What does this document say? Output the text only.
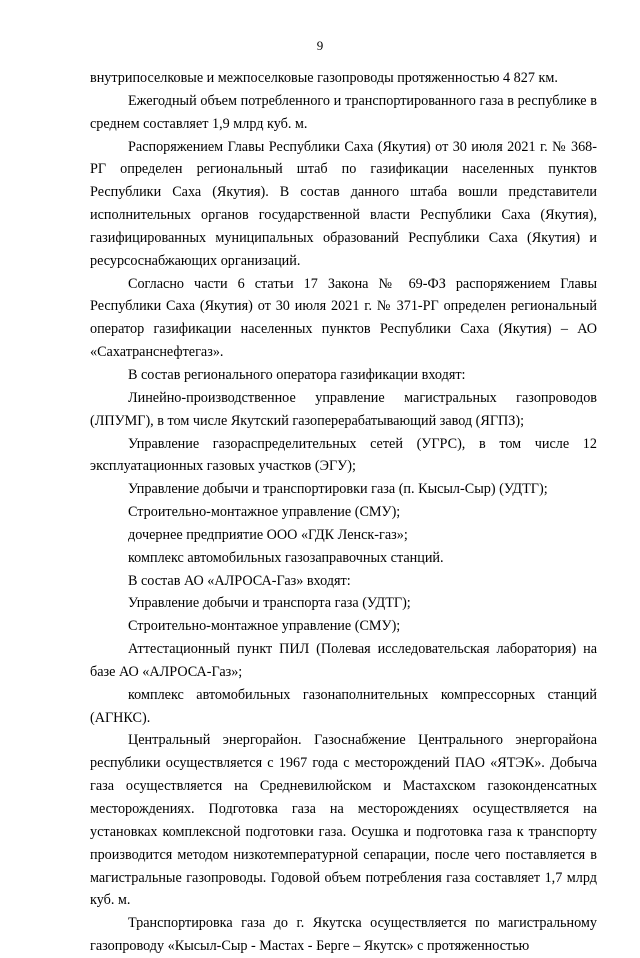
9

внутрипоселковые и межпоселковые газопроводы протяженностью 4 827 км.

Ежегодный объем потребленного и транспортированного газа в республике в среднем составляет 1,9 млрд куб. м.

Распоряжением Главы Республики Саха (Якутия) от 30 июля 2021 г. № 368-РГ определен региональный штаб по газификации населенных пунктов Республики Саха (Якутия). В состав данного штаба вошли представители исполнительных органов государственной власти Республики Саха (Якутия), газифицированных муниципальных образований Республики Саха (Якутия) и ресурсоснабжающих организаций.

Согласно части 6 статьи 17 Закона № 69-ФЗ распоряжением Главы Республики Саха (Якутия) от 30 июля 2021 г. № 371-РГ определен региональный оператор газификации населенных пунктов Республики Саха (Якутия) – АО «Сахатранснефтегаз».

В состав регионального оператора газификации входят:

Линейно-производственное управление магистральных газопроводов (ЛПУМГ), в том числе Якутский газоперерабатывающий завод (ЯГПЗ);

Управление газораспределительных сетей (УГРС), в том числе 12 эксплуатационных газовых участков (ЭГУ);

Управление добычи и транспортировки газа (п. Кысыл-Сыр) (УДТГ);

Строительно-монтажное управление (СМУ);

дочернее предприятие ООО «ГДК Ленск-газ»;

комплекс автомобильных газозаправочных станций.

В состав АО «АЛРОСА-Газ» входят:

Управление добычи и транспорта газа (УДТГ);

Строительно-монтажное управление (СМУ);

Аттестационный пункт ПИЛ (Полевая исследовательская лаборатория) на базе АО «АЛРОСА-Газ»;

комплекс автомобильных газонаполнительных компрессорных станций (АГНКС).

Центральный энергорайон. Газоснабжение Центрального энергорайона республики осуществляется с 1967 года с месторождений ПАО «ЯТЭК». Добыча газа осуществляется на Средневилюйском и Мастахском газоконденсатных месторождениях. Подготовка газа на месторождениях осуществляется на установках комплексной подготовки газа. Осушка и подготовка газа к транспорту производится методом низкотемпературной сепарации, после чего поставляется в магистральные газопроводы. Годовой объем потребления газа составляет 1,7 млрд куб. м.

Транспортировка газа до г. Якутска осуществляется по магистральному газопроводу «Кысыл-Сыр - Мастах - Берге – Якутск» с протяженностью
